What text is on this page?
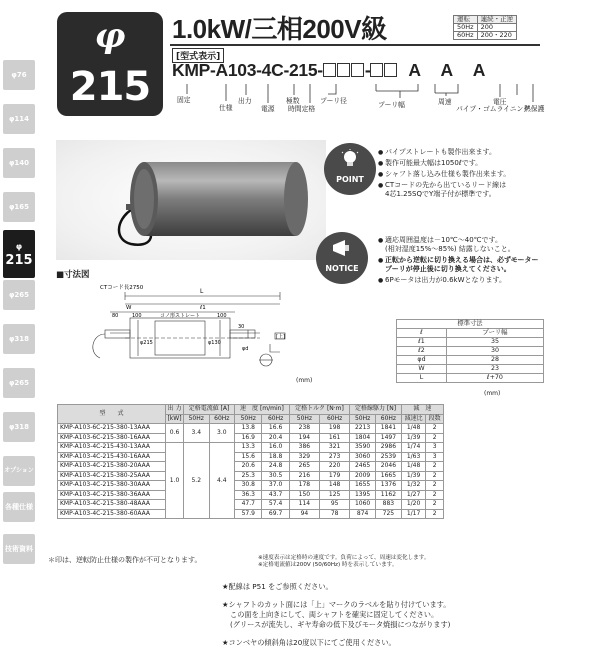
φ76
φ114
φ140
φ165
φ265
φ318
φ265
φ318
オプション
各種仕様
技術資料
φ
215
φ
215
1.0kW/三相200V級	運転	連続・正逆
50Hz	200
60Hz	200・220
[型式表示]
KMP-A103-4C-215- - A A A
固定
仕様
出力
電源
極数
時間定格
プーリ径	プーリ幅	周速	電圧
パイプ・ゴムライニング
熱保護
POINT
● パイプストレートも製作出来ます。
● 製作可能最大幅は1050ℓです。
● シャフト落し込み仕様も製作出来ます。
● CTコードの先から出ているリード線は
4芯1.25SQでY端子付が標準です。
NOTICE
● 適応周囲温度は－10℃～40℃です。
(相対湿度15%～85%) 結露しないこと。
● 正転から逆転に切り換える場合は、必ずモーター
プーリが停止後に切り換えてください。
● 6Pモータは出力が0.6kWとなります。
■寸法図
CTコード長2750	L
W	ℓ1
80	100	コノ形ストレート	100
30
φd
φ215	φ130
[上]
(mm)
標準寸法	
ℓ	プーリ幅
ℓ1	35
ℓ2	30
φd	28
W	23
L	ℓ+70
(mm)
型　　式	出 力	定格電流値 [A]		速　度 [m/min]		定格トルク [N·m]		定格線駆力 [N]		減　速	
	[kW]	50Hz	60Hz	50Hz	60Hz	50Hz	60Hz	50Hz	60Hz	減速比	段数
KMP-A103-6C-215-380-13AAA	0.6	3.4	3.0	13.8	16.6	238	198	2213	1841	1/48	2
KMP-A103-6C-215-380-16AAA				16.9	20.4	194	161	1804	1497	1/39	2
KMP-A103-4C-215-430-13AAA	1.0	5.2	4.4	13.3	16.0	386	321	3590	2986	1/74	3
KMP-A103-4C-215-430-16AAA				15.6	18.8	329	273	3060	2539	1/63	3
KMP-A103-4C-215-380-20AAA				20.6	24.8	265	220	2465	2046	1/48	2
KMP-A103-4C-215-380-25AAA				25.3	30.5	216	179	2009	1665	1/39	2
KMP-A103-4C-215-380-30AAA				30.8	37.0	178	148	1655	1376	1/32	2
KMP-A103-4C-215-380-36AAA				36.3	43.7	150	125	1395	1162	1/27	2
KMP-A103-4C-215-380-48AAA				47.7	57.4	114	95	1060	883	1/20	2
KMP-A103-4C-215-380-60AAA				57.9	69.7	94	78	874	725	1/17	2
＊印は、逆転防止仕様の製作が不可となります。	※速度表示は定格時の速度です。負荷によって、周速は変化します。
※定格電流値は200V (50/60Hz) 時を表示しています。

★配線は P51 をご参照ください。

★シャフトのカット面には「上」マークのラベルを貼り付けています。

この面を上向きにして、両シャフトを確実に固定してください。

(グリースが流失し、ギヤ寿命の低下及びモータ焼損につながります)

★コンベヤの傾斜角は20度以下にてご使用ください。
